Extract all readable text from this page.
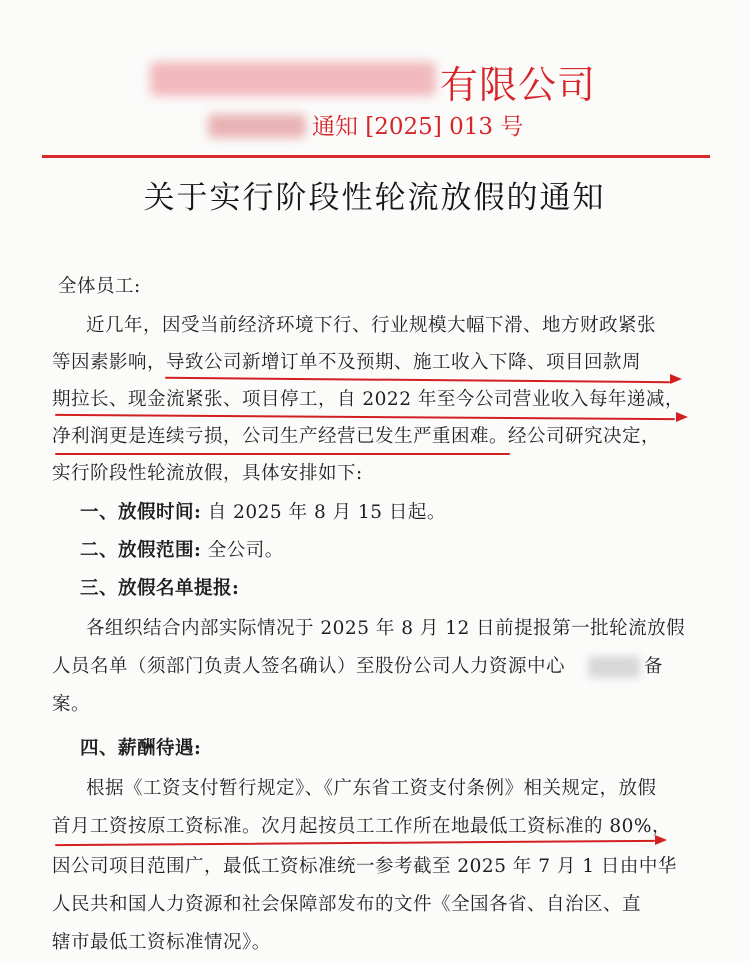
有限公司
通知 [2025] 013 号
关于实行阶段性轮流放假的通知
全体员工:
近几年，因受当前经济环境下行、行业规模大幅下滑、地方财政紧张
等因素影响，导致公司新增订单不及预期、施工收入下降、项目回款周
期拉长、现金流紧张、项目停工，自 2022 年至今公司营业收入每年递减，
净利润更是连续亏损，公司生产经营已发生严重困难。经公司研究决定，
实行阶段性轮流放假，具体安排如下:
一、放假时间: 自 2025 年 8 月 15 日起。
二、放假范围: 全公司。
三、放假名单提报:
各组织结合内部实际情况于 2025 年 8 月 12 日前提报第一批轮流放假
人员名单（须部门负责人签名确认）至股份公司人力资源中心	备
案。
四、薪酬待遇:
根据《工资支付暂行规定》、《广东省工资支付条例》相关规定，放假
首月工资按原工资标准。次月起按员工工作所在地最低工资标准的 80%，
因公司项目范围广，最低工资标准统一参考截至 2025 年 7 月 1 日由中华
人民共和国人力资源和社会保障部发布的文件《全国各省、自治区、直
辖市最低工资标准情况》。
